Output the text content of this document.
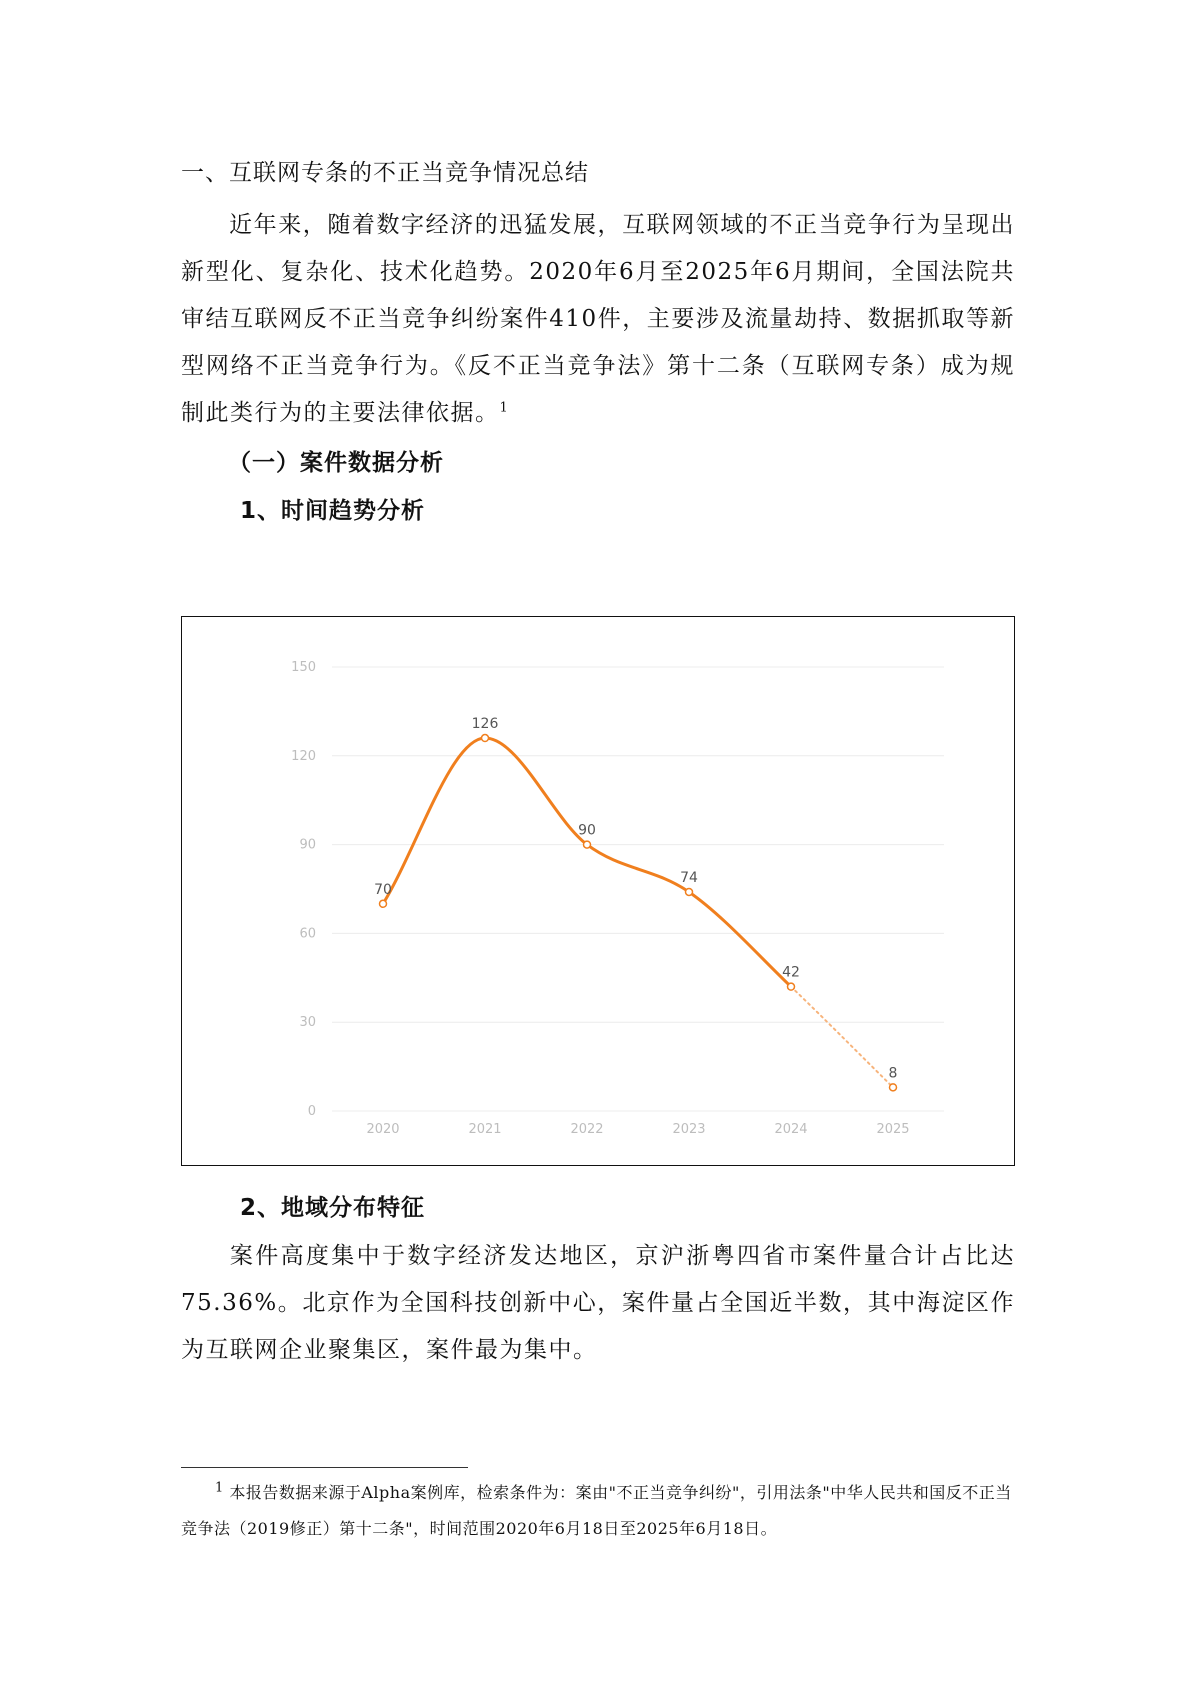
一、互联网专条的不正当竞争情况总结
近年来，随着数字经济的迅猛发展，互联网领域的不正当竞争行为呈现出新型化、复杂化、技术化趋势。2020年6月至2025年6月期间，全国法院共审结互联网反不正当竞争纠纷案件410件，主要涉及流量劫持、数据抓取等新型网络不正当竞争行为。《反不正当竞争法》第十二条（互联网专条）成为规制此类行为的主要法律依据。$^1$
（一）案件数据分析
1、时间趋势分析
0
30
60
90
120
150
2020	2021	2022	2023	2024	2025
70
126
90
74
42
8
2、地域分布特征
案件高度集中于数字经济发达地区，京沪浙粤四省市案件量合计占比达75.36%。北京作为全国科技创新中心，案件量占全国近半数，其中海淀区作为互联网企业聚集区，案件最为集中。
$^1$ 本报告数据来源于Alpha案例库，检索条件为：案由"不正当竞争纠纷"，引用法条"中华人民共和国反不正当竞争法（2019修正）第十二条"，时间范围2020年6月18日至2025年6月18日。
